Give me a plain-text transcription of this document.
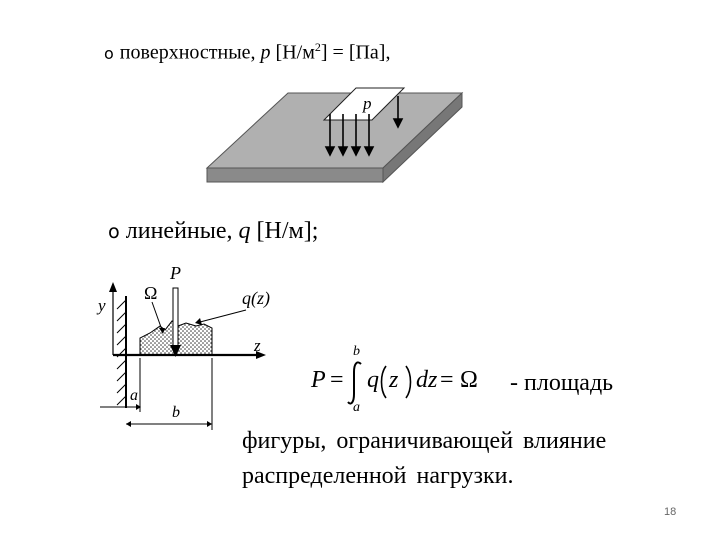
o поверхностные, p $[Н/м^2] = [Па]$,
p
o линейные, q [Н/м];
P
Ω
y	q(z)
z
a
b
P =
b
a
q z dz = Ω - площадь
фигуры, ограничивающей влияние распределенной нагрузки.
18
